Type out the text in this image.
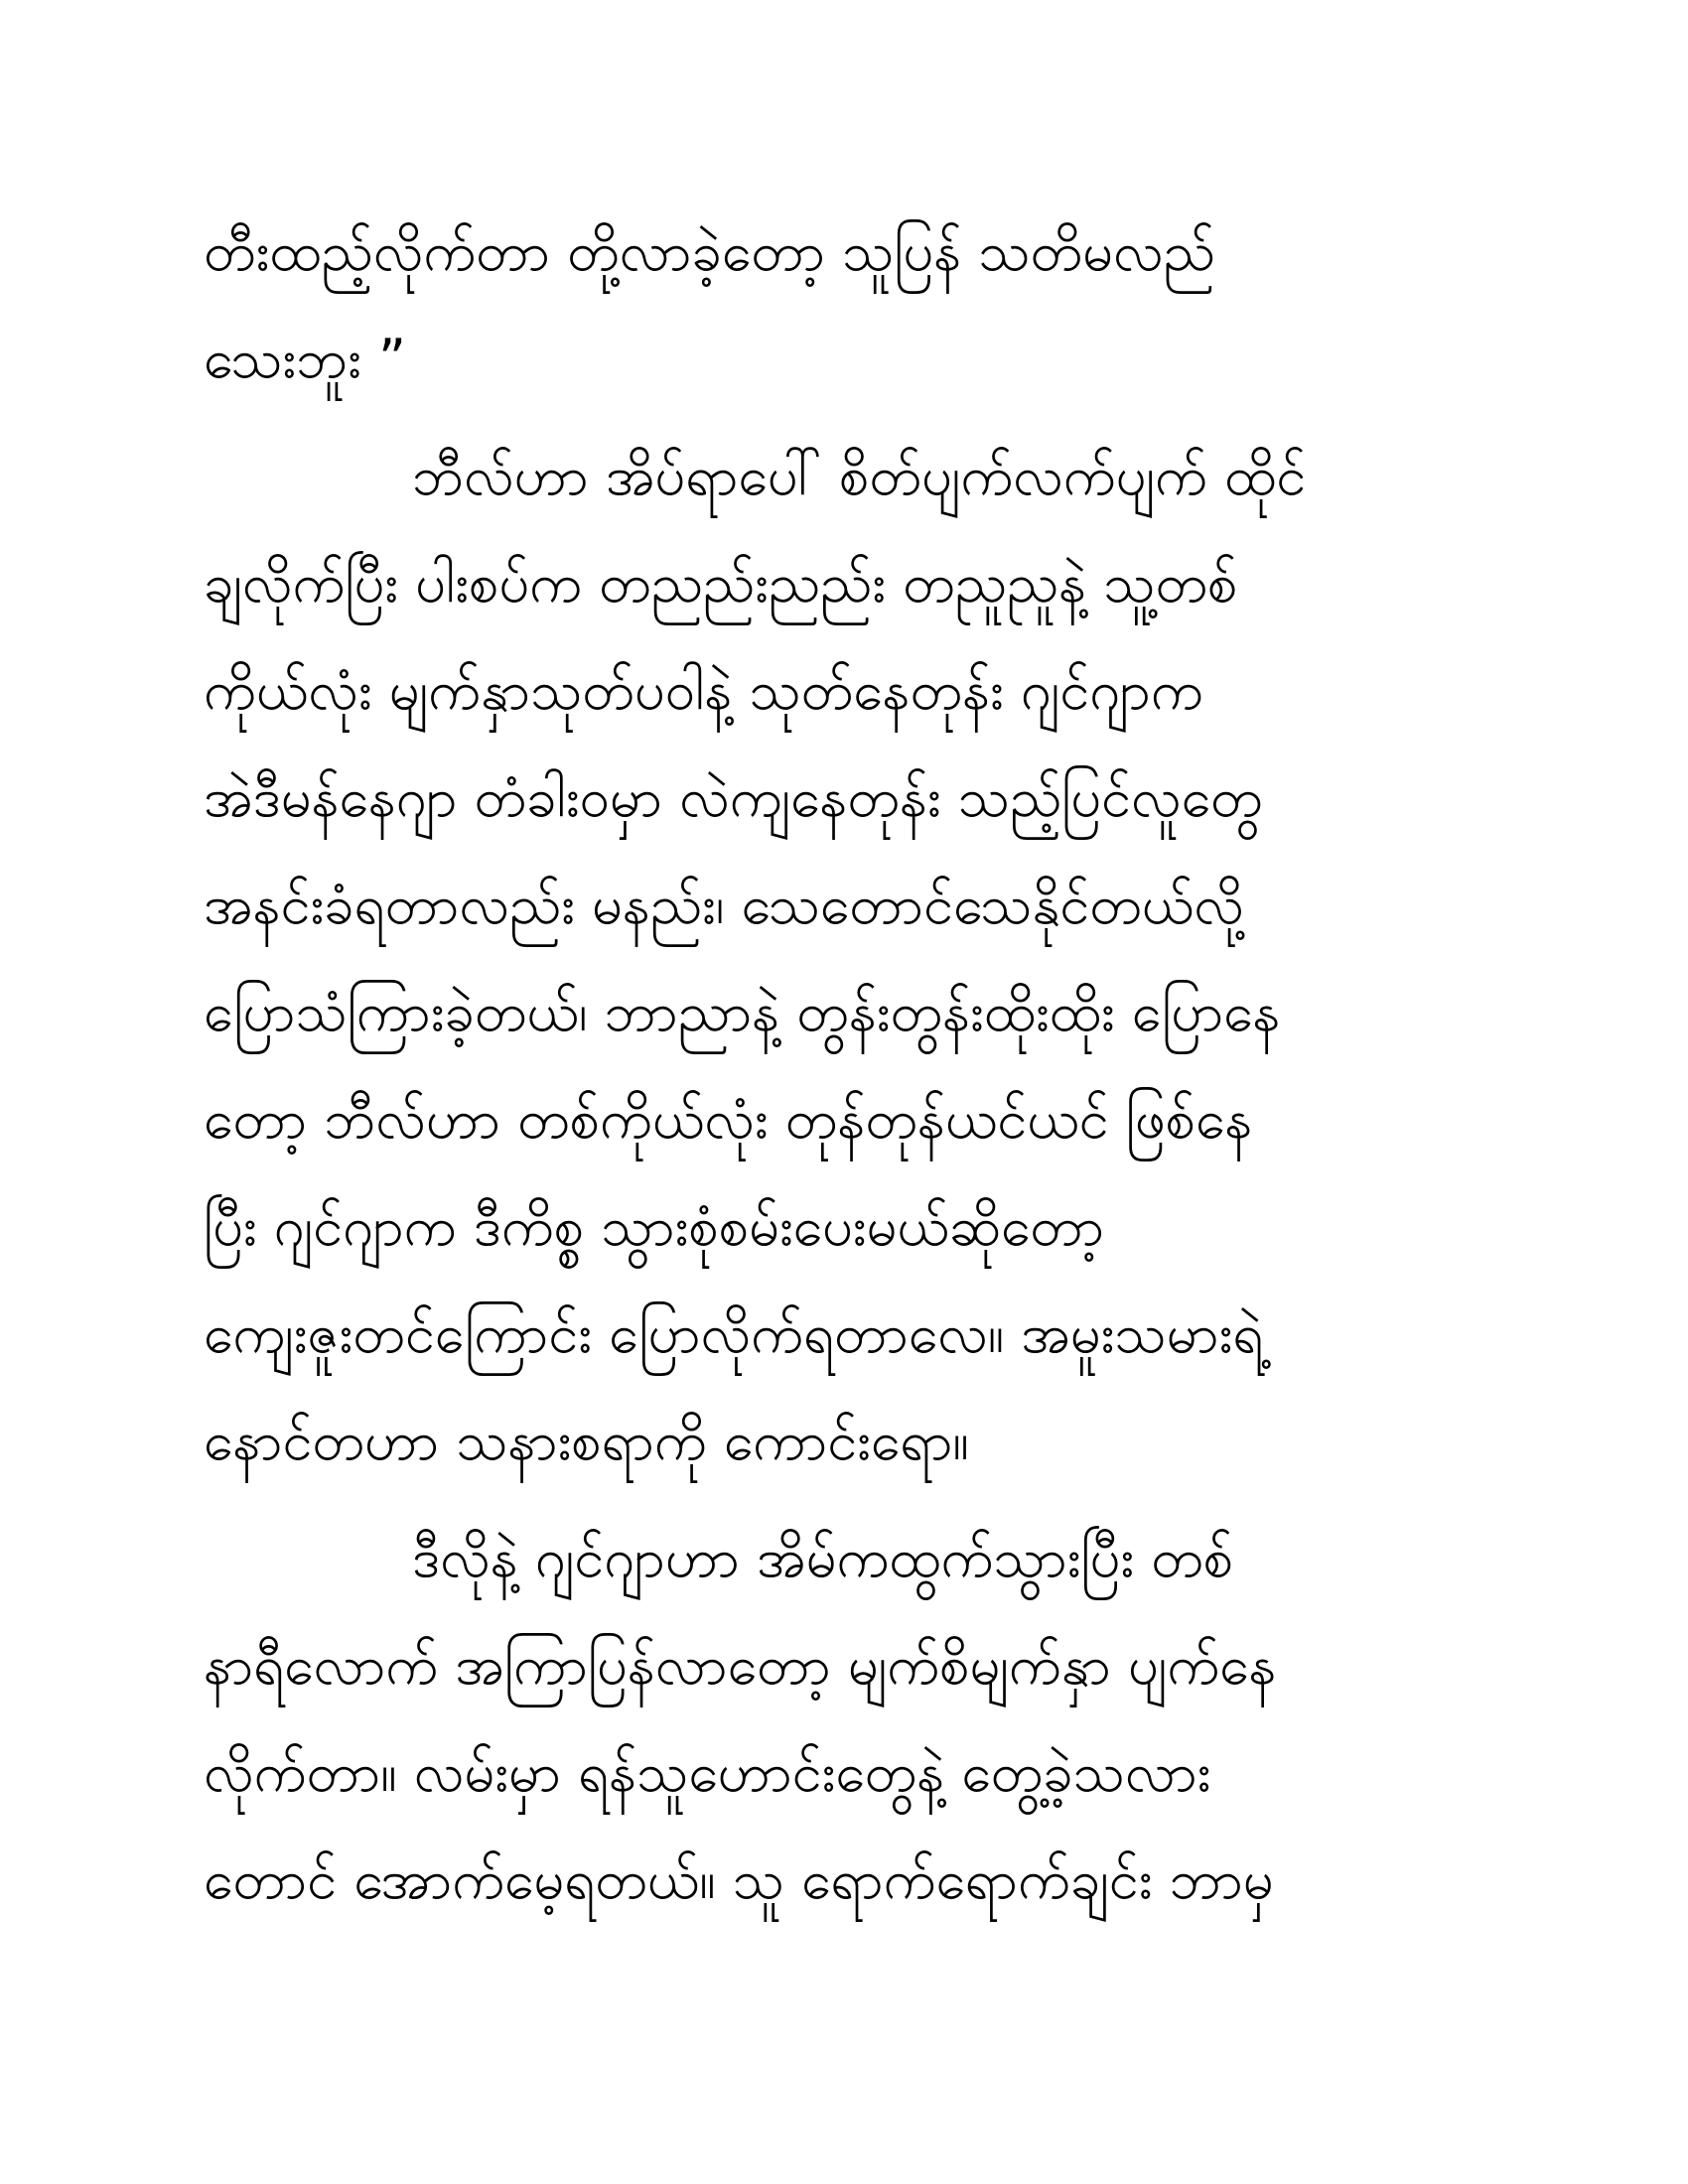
တီးထည့်လိုက်တာ တို့လာခဲ့တော့ သူပြန် သတိမလည်
သေးဘူး ”

ဘီလ်ဟာ အိပ်ရာပေါ် စိတ်ပျက်လက်ပျက် ထိုင်
ချလိုက်ပြီး ပါးစပ်က တညည်းညည်း တညူညူနဲ့ သူ့တစ်
ကိုယ်လုံး မျက်နှာသုတ်ပဝါနဲ့ သုတ်နေတုန်း ဂျင်ဂျာက
အဲဒီမန်နေဂျာ တံခါးဝမှာ လဲကျနေတုန်း သည့်ပြင်လူတွေ
အနင်းခံရတာလည်း မနည်း၊ သေတောင်သေနိုင်တယ်လို့
ပြောသံကြားခဲ့တယ်၊ ဘာညာနဲ့ တွန်းတွန်းထိုးထိုး ပြောနေ
တော့ ဘီလ်ဟာ တစ်ကိုယ်လုံး တုန်တုန်ယင်ယင် ဖြစ်နေ
ပြီး ဂျင်ဂျာက ဒီကိစ္စ သွားစုံစမ်းပေးမယ်ဆိုတော့
ကျေးဇူးတင်ကြောင်း ပြောလိုက်ရတာလေ။ အမူးသမားရဲ့
နောင်တဟာ သနားစရာကို ကောင်းရော။

ဒီလိုနဲ့ ဂျင်ဂျာဟာ အိမ်ကထွက်သွားပြီး တစ်
နာရီလောက် အကြာပြန်လာတော့ မျက်စိမျက်နှာ ပျက်နေ
လိုက်တာ။ လမ်းမှာ ရန်သူဟောင်းတွေနဲ့ တွေ့ခဲ့သလား
တောင် အောက်မေ့ရတယ်။ သူ ရောက်ရောက်ချင်း ဘာမှ
